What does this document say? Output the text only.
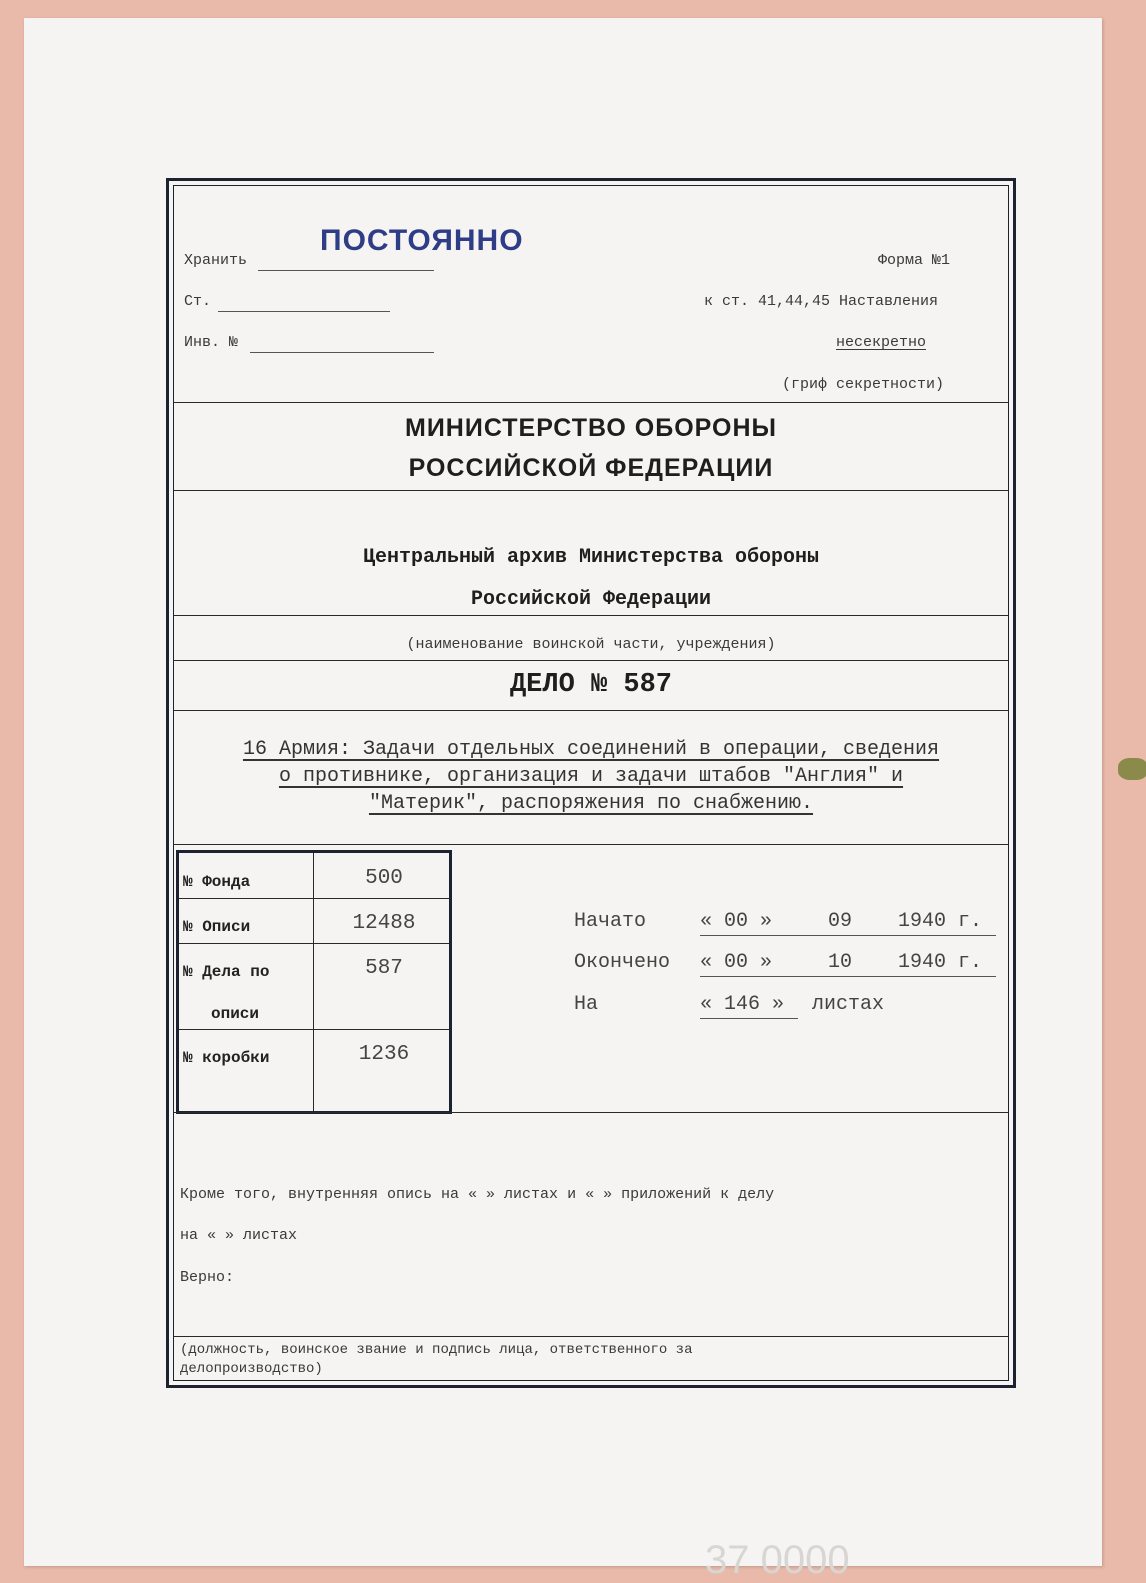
37 0000
Хранить
ПОСТОЯННО
Форма №1
Ст.	к ст. 41,44,45 Наставления
Инв. №	несекретно
(гриф секретности)
МИНИСТЕРСТВО ОБОРОНЫ
РОССИЙСКОЙ ФЕДЕРАЦИИ
Центральный архив Министерства обороны
Российской Федерации
(наименование воинской части, учреждения)
ДЕЛО № 587
16 Армия: Задачи отдельных соединений в операции, сведения
о противнике, организация и задачи штабов "Англия" и
"Материк", распоряжения по снабжению.
№ Фонда	500
№ Описи	12488
№ Дела по
описи
587
№ коробки	1236
Начато	« 00 »	09 1940 г.
Окончено « 00 »	10 1940 г.
На	« 146 » листах
Кроме того, внутренняя опись на « » листах и « » приложений к делу
на « » листах
Верно:
(должность, воинское звание и подпись лица, ответственного за
делопроизводство)
